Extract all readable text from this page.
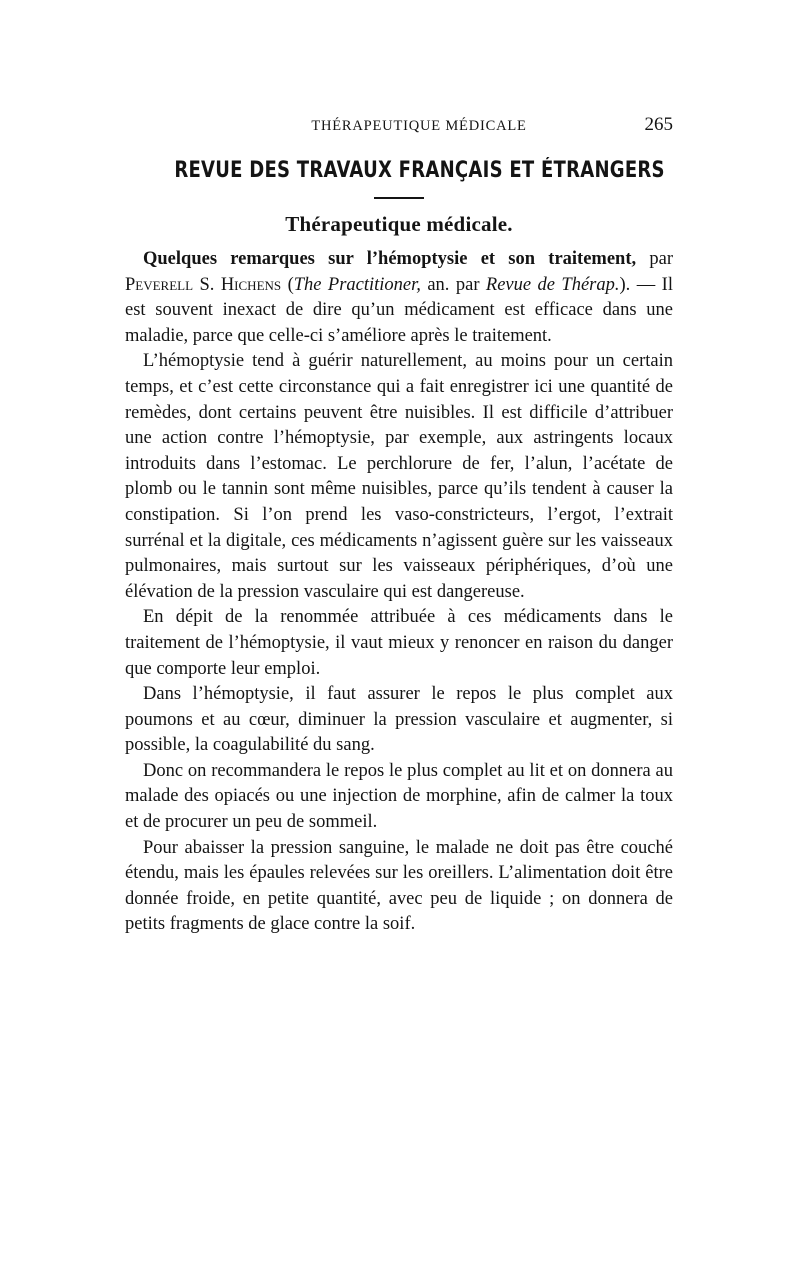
THÉRAPEUTIQUE MÉDICALE	265
REVUE DES TRAVAUX FRANÇAIS ET ÉTRANGERS
Thérapeutique médicale.

Quelques remarques sur l’hémoptysie et son traitement, par Peverell S. Hichens (The Practitioner, an. par Revue de Thérap.). — Il est souvent inexact de dire qu’un médicament est efficace dans une maladie, parce que celle-ci s’améliore après le traitement.

L’hémoptysie tend à guérir naturellement, au moins pour un certain temps, et c’est cette circonstance qui a fait enregistrer ici une quantité de remèdes, dont certains peuvent être nuisibles. Il est difficile d’attribuer une action contre l’hémoptysie, par exemple, aux astringents locaux introduits dans l’estomac. Le perchlorure de fer, l’alun, l’acétate de plomb ou le tannin sont même nuisibles, parce qu’ils tendent à causer la constipation. Si l’on prend les vaso-constricteurs, l’ergot, l’extrait surrénal et la digitale, ces médicaments n’agissent guère sur les vaisseaux pulmonaires, mais surtout sur les vaisseaux périphériques, d’où une élévation de la pression vasculaire qui est dangereuse.

En dépit de la renommée attribuée à ces médicaments dans le traitement de l’hémoptysie, il vaut mieux y renoncer en raison du danger que comporte leur emploi.

Dans l’hémoptysie, il faut assurer le repos le plus complet aux poumons et au cœur, diminuer la pression vasculaire et augmenter, si possible, la coagulabilité du sang.

Donc on recommandera le repos le plus complet au lit et on donnera au malade des opiacés ou une injection de morphine, afin de calmer la toux et de procurer un peu de sommeil.

Pour abaisser la pression sanguine, le malade ne doit pas être couché étendu, mais les épaules relevées sur les oreillers. L’alimentation doit être donnée froide, en petite quantité, avec peu de liquide ; on donnera de petits fragments de glace contre la soif.
